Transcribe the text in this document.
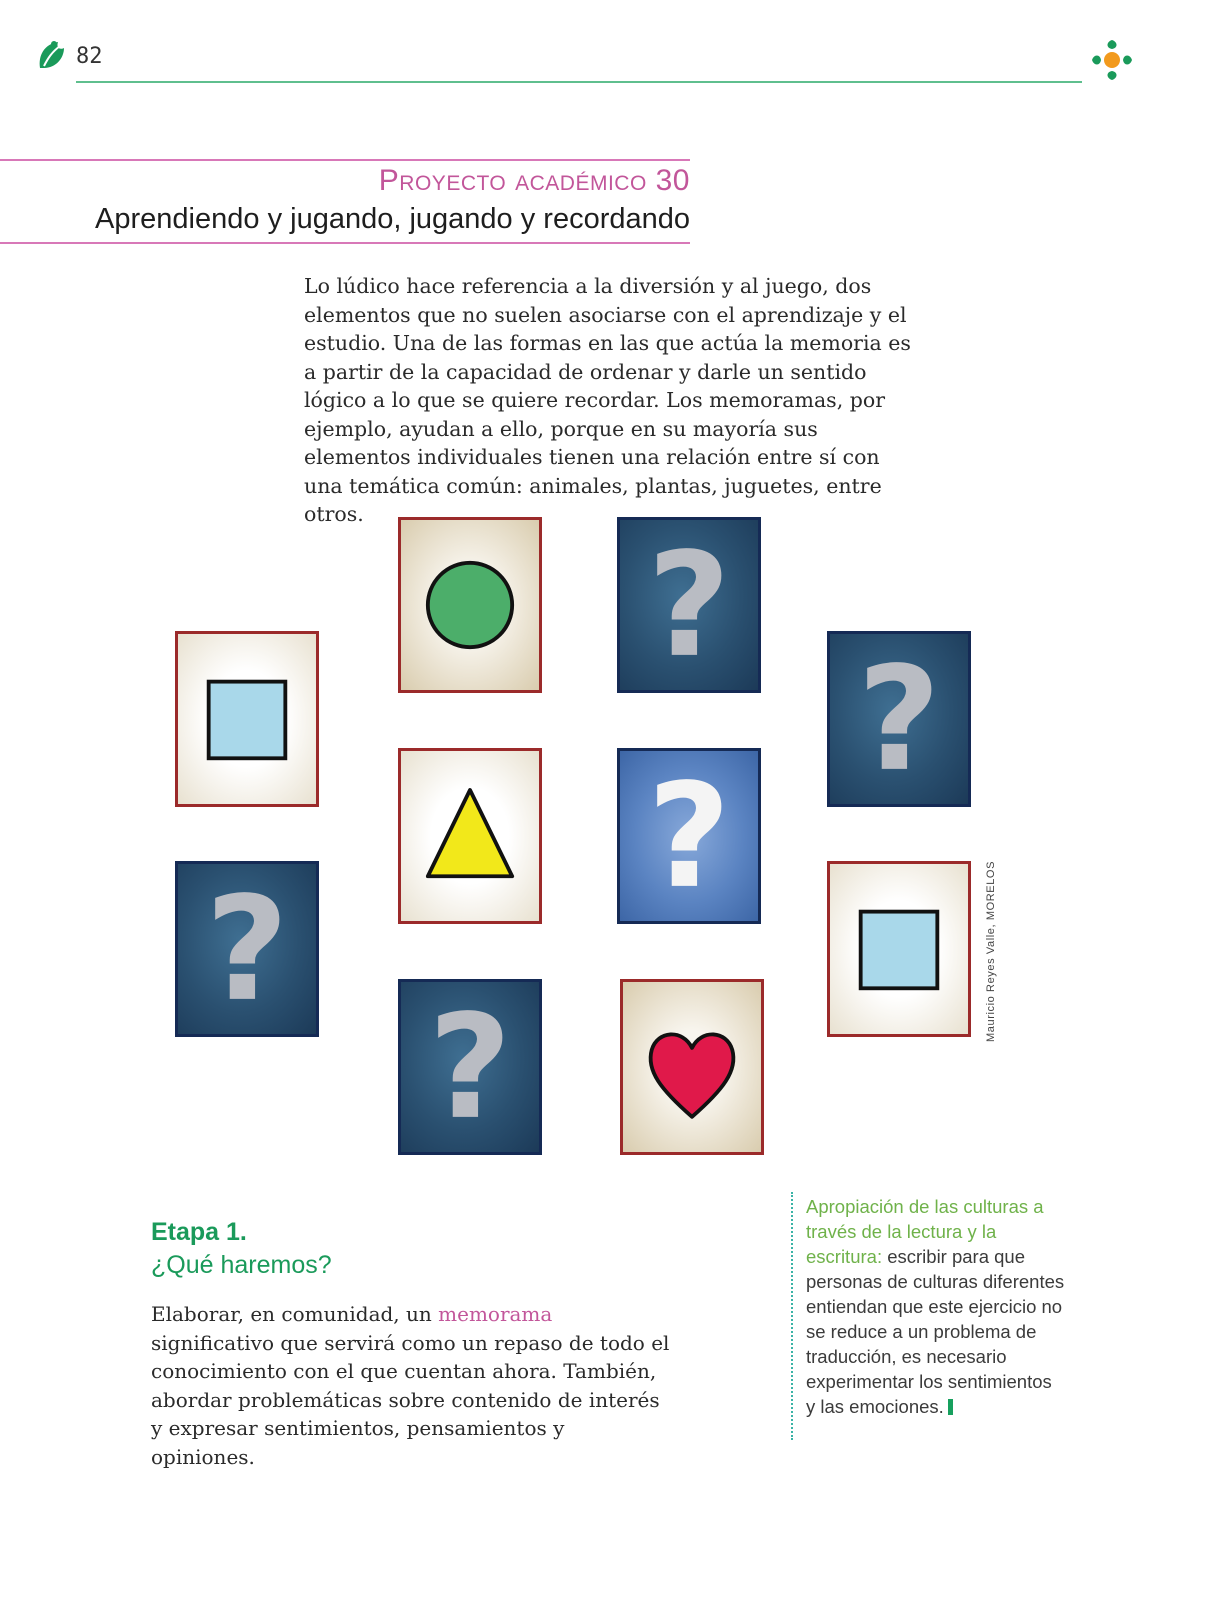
82
Proyecto académico 30
Aprendiendo y jugando, jugando y recordando

Lo lúdico hace referencia a la diversión y al juego, dos elementos que no suelen asociarse con el aprendizaje y el estudio. Una de las formas en las que actúa la memoria es a partir de la capacidad de ordenar y darle un sentido lógico a lo que se quiere recordar. Los memoramas, por ejemplo, ayudan a ello, porque en su mayoría sus elementos individuales tienen una relación entre sí con una temática común: animales, plantas, juguetes, entre otros.

?
?
?
?
?
Mauricio Reyes Valle, MORELOS
Etapa 1.
¿Qué haremos?

Elaborar, en comunidad, un memorama significativo que servirá como un repaso de todo el conocimiento con el que cuentan ahora. También, abordar problemáticas sobre contenido de interés y expresar sentimientos, pensamientos y opiniones.

Apropiación de las culturas a través de la lectura y la escritura: escribir para que personas de culturas diferentes entiendan que este ejercicio no se reduce a un problema de traducción, es necesario experimentar los sentimientos y las emociones.
